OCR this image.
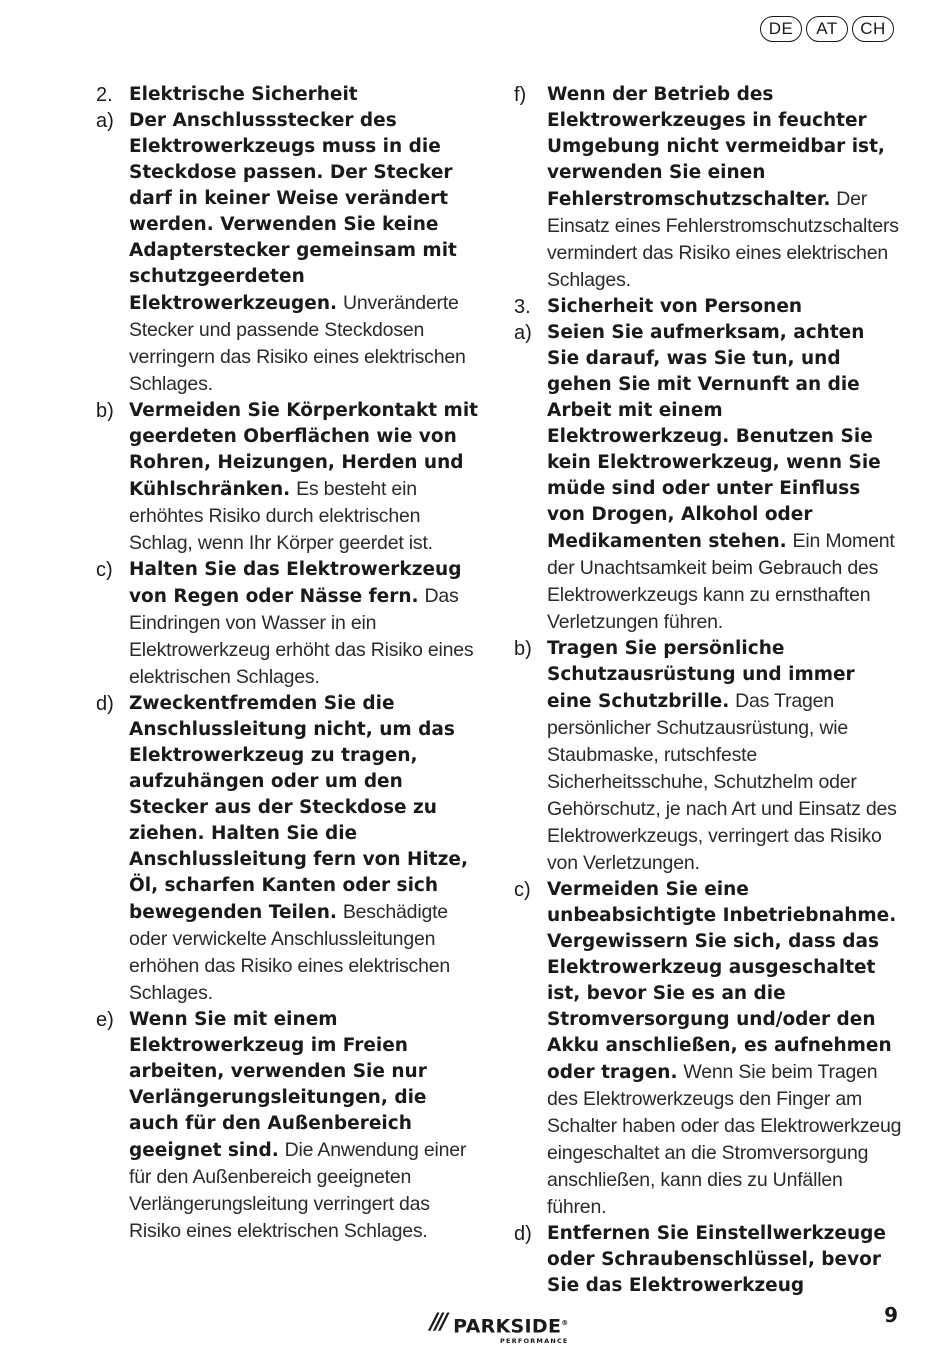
DE	AT	CH
2. Elektrische Sicherheit
a) Der Anschlussstecker des Elektrowerkzeugs muss in die Steckdose passen. Der Stecker darf in keiner Weise verändert werden. Verwenden Sie keine Adapterstecker gemeinsam mit schutzgeerdeten Elektrowerkzeugen. Unveränderte Stecker und passende Steckdosen verringern das Risiko eines elektrischen Schlages.
b) Vermeiden Sie Körperkontakt mit geerdeten Oberflächen wie von Rohren, Heizungen, Herden und Kühlschränken. Es besteht ein erhöhtes Risiko durch elektrischen Schlag, wenn Ihr Körper geerdet ist.
c) Halten Sie das Elektrowerkzeug von Regen oder Nässe fern. Das Eindringen von Wasser in ein Elektrowerkzeug erhöht das Risiko eines elektrischen Schlages.
d) Zweckentfremden Sie die Anschlussleitung nicht, um das Elektrowerkzeug zu tragen, aufzuhängen oder um den Stecker aus der Steckdose zu ziehen. Halten Sie die Anschlussleitung fern von Hitze, Öl, scharfen Kanten oder sich bewegenden Teilen. Beschädigte oder verwickelte Anschlussleitungen erhöhen das Risiko eines elektrischen Schlages.
e) Wenn Sie mit einem Elektrowerkzeug im Freien arbeiten, verwenden Sie nur Verlängerungsleitungen, die auch für den Außenbereich geeignet sind. Die Anwendung einer für den Außenbereich geeigneten Verlängerungsleitung verringert das Risiko eines elektrischen Schlages.
f)	Wenn der Betrieb des Elektrowerkzeuges in feuchter Umgebung nicht vermeidbar ist, verwenden Sie einen Fehlerstromschutzschalter. Der Einsatz eines Fehlerstromschutzschalters vermindert das Risiko eines elektrischen Schlages.
3. Sicherheit von Personen
a) Seien Sie aufmerksam, achten Sie darauf, was Sie tun, und gehen Sie mit Vernunft an die Arbeit mit einem Elektrowerkzeug. Benutzen Sie kein Elektrowerkzeug, wenn Sie müde sind oder unter Einfluss von Drogen, Alkohol oder Medikamenten stehen. Ein Moment der Unachtsamkeit beim Gebrauch des Elektrowerkzeugs kann zu ernsthaften Verletzungen führen.
b) Tragen Sie persönliche Schutzausrüstung und immer eine Schutzbrille. Das Tragen persönlicher Schutzausrüstung, wie Staubmaske, rutschfeste Sicherheitsschuhe, Schutzhelm oder Gehörschutz, je nach Art und Einsatz des Elektrowerkzeugs, verringert das Risiko von Verletzungen.
c) Vermeiden Sie eine unbeabsichtigte Inbetriebnahme. Vergewissern Sie sich, dass das Elektrowerkzeug ausgeschaltet ist, bevor Sie es an die Stromversorgung und/oder den Akku anschließen, es aufnehmen oder tragen. Wenn Sie beim Tragen des Elektrowerkzeugs den Finger am Schalter haben oder das Elektrowerkzeug eingeschaltet an die Stromversorgung anschließen, kann dies zu Unfällen führen.
d) Entfernen Sie Einstellwerkzeuge oder Schraubenschlüssel, bevor Sie das Elektrowerkzeug
/// PARKSIDE®
PERFORMANCE
9
